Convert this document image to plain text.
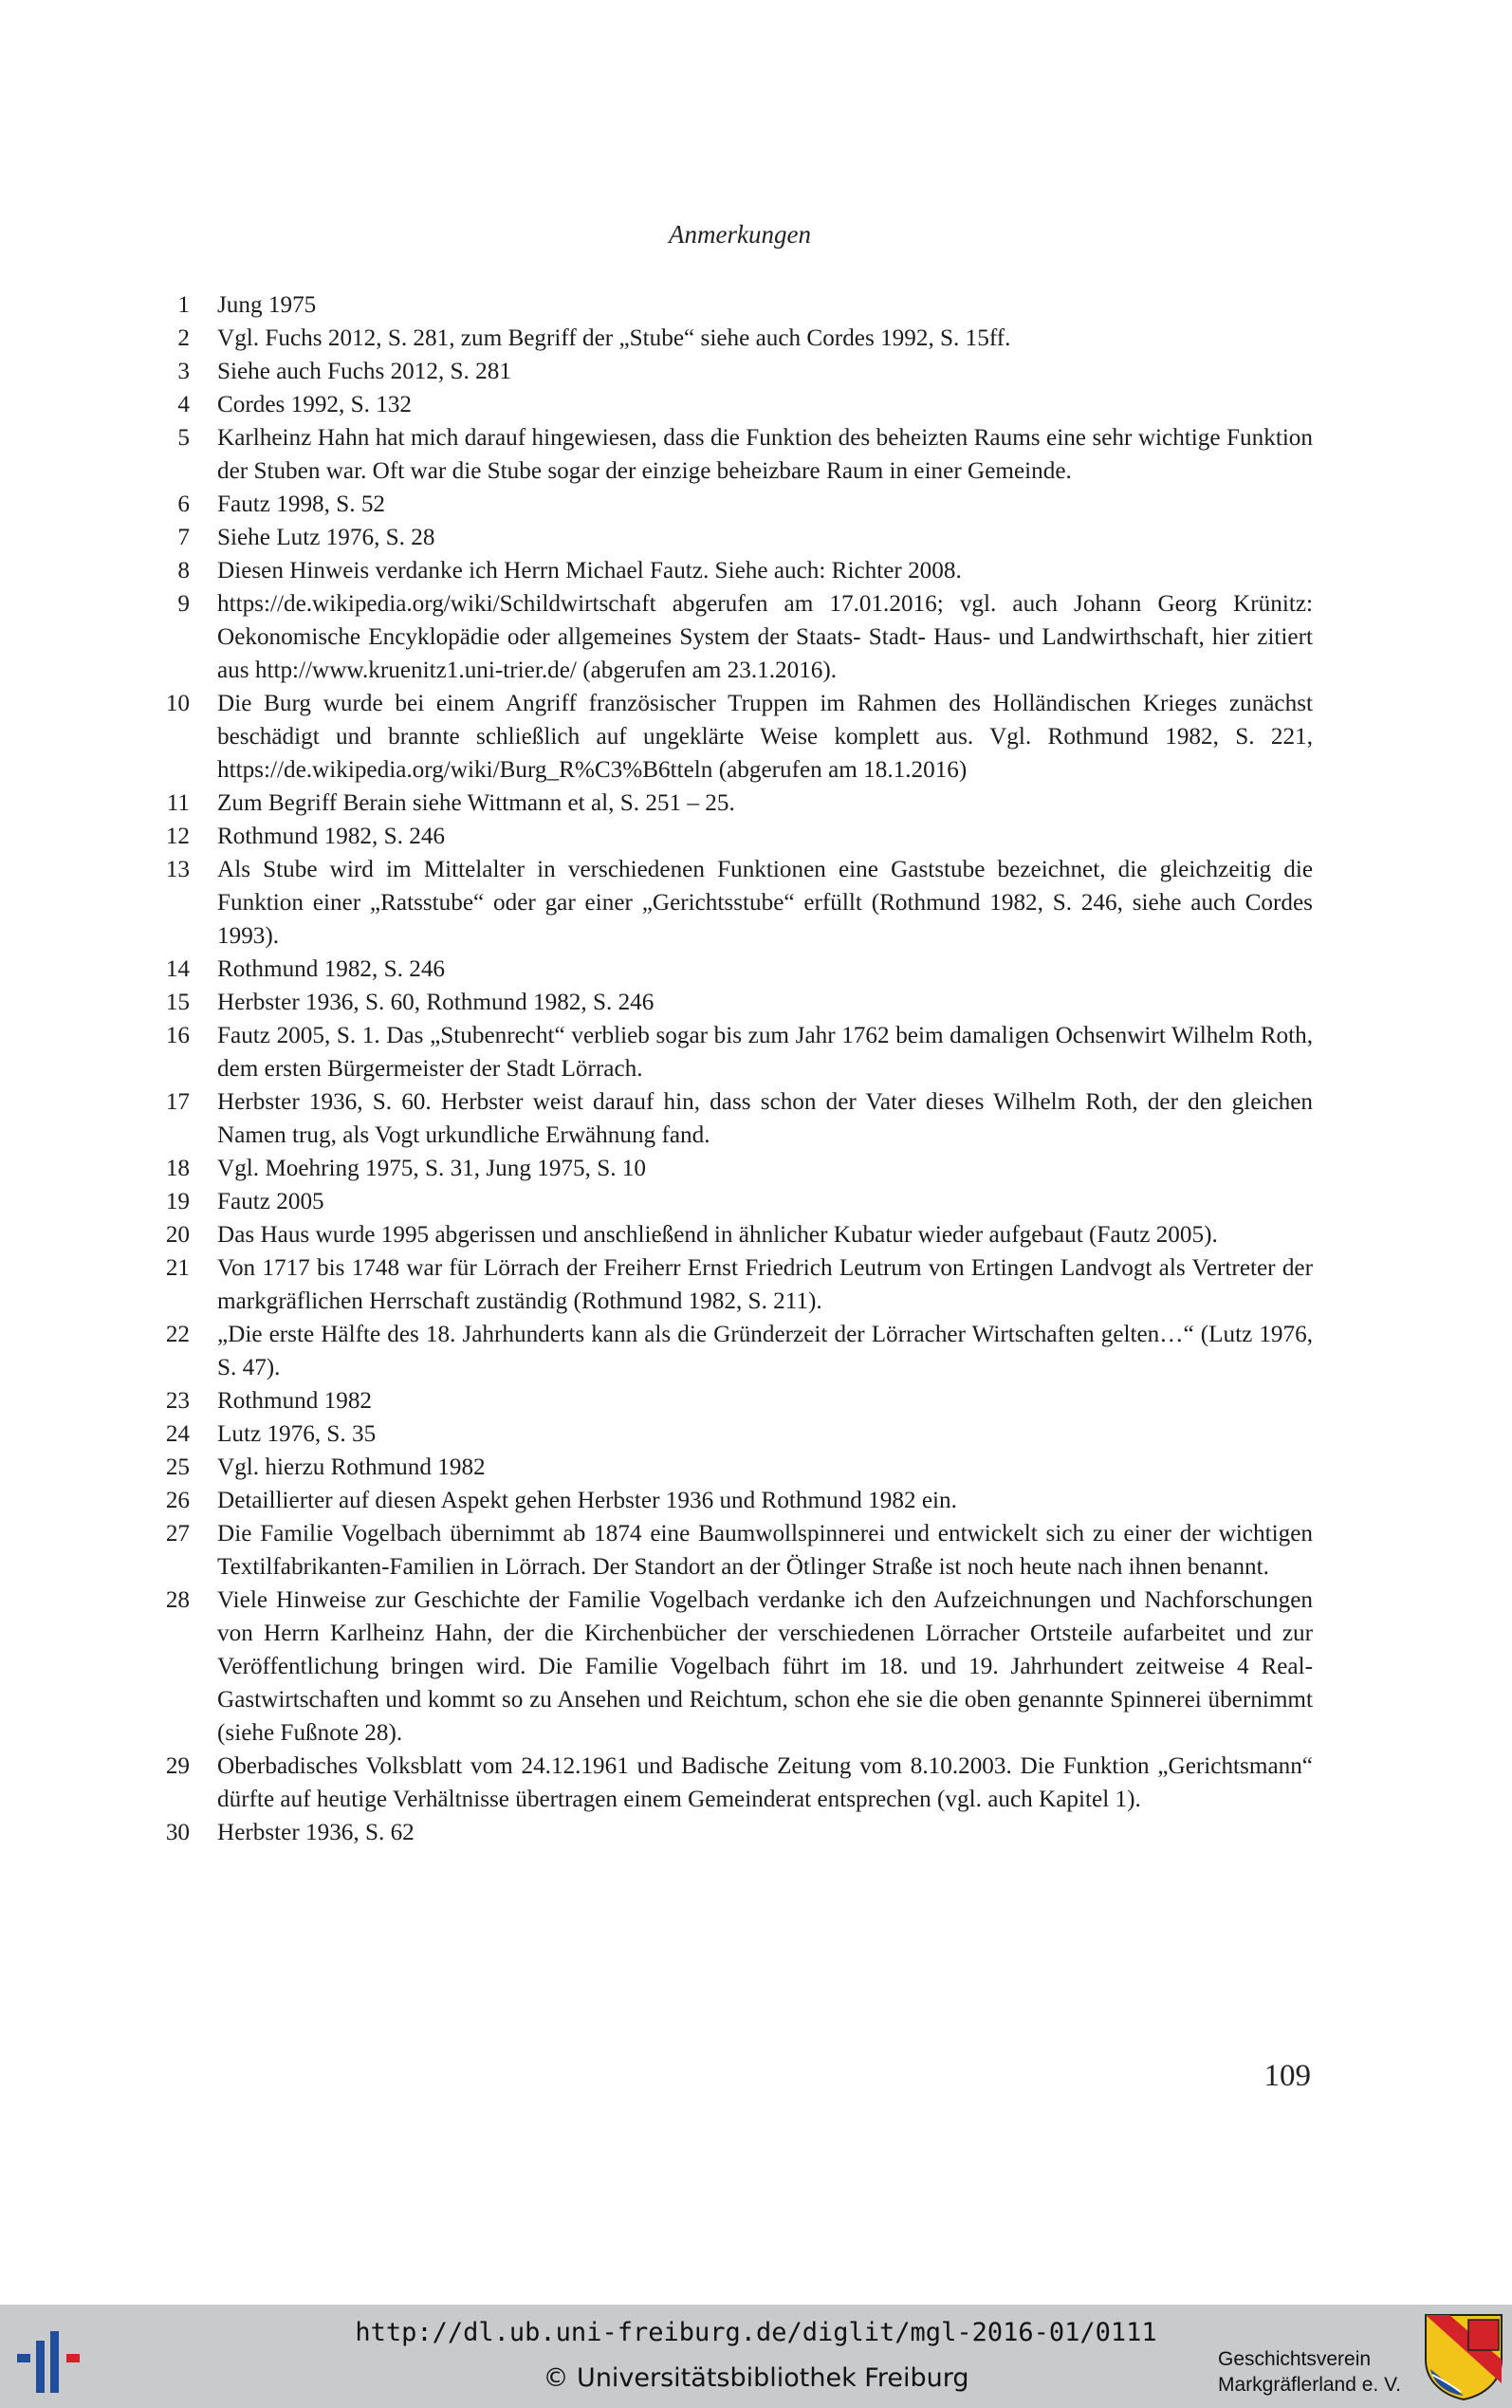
Anmerkungen
1 Jung 1975
2 Vgl. Fuchs 2012, S. 281, zum Begriff der „Stube“ siehe auch Cordes 1992, S. 15ff.
3 Siehe auch Fuchs 2012, S. 281
4 Cordes 1992, S. 132
5 Karlheinz Hahn hat mich darauf hingewiesen, dass die Funktion des beheizten Raums eine sehr wichtige Funktion der Stuben war. Oft war die Stube sogar der einzige beheizbare Raum in einer Gemeinde.
6 Fautz 1998, S. 52
7 Siehe Lutz 1976, S. 28
8 Diesen Hinweis verdanke ich Herrn Michael Fautz. Siehe auch: Richter 2008.
9 https://de.wikipedia.org/wiki/Schildwirtschaft abgerufen am 17.01.2016; vgl. auch Johann Georg Krünitz: Oekonomische Encyklopädie oder allgemeines System der Staats- Stadt- Haus- und Landwirthschaft, hier zitiert aus http://www.kruenitz1.uni-trier.de/ (abgerufen am 23.1.2016).
10 Die Burg wurde bei einem Angriff französischer Truppen im Rahmen des Holländischen Krieges zunächst beschädigt und brannte schließlich auf ungeklärte Weise komplett aus. Vgl. Rothmund 1982, S. 221, https://de.wikipedia.org/wiki/Burg_R%C3%B6tteln (abgerufen am 18.1.2016)
11 Zum Begriff Berain siehe Wittmann et al, S. 251 – 25.
12 Rothmund 1982, S. 246
13 Als Stube wird im Mittelalter in verschiedenen Funktionen eine Gaststube bezeichnet, die gleichzeitig die Funktion einer „Ratsstube“ oder gar einer „Gerichtsstube“ erfüllt (Rothmund 1982, S. 246, siehe auch Cordes 1993).
14 Rothmund 1982, S. 246
15 Herbster 1936, S. 60, Rothmund 1982, S. 246
16 Fautz 2005, S. 1. Das „Stubenrecht“ verblieb sogar bis zum Jahr 1762 beim damaligen Ochsenwirt Wilhelm Roth, dem ersten Bürgermeister der Stadt Lörrach.
17 Herbster 1936, S. 60. Herbster weist darauf hin, dass schon der Vater dieses Wilhelm Roth, der den gleichen Namen trug, als Vogt urkundliche Erwähnung fand.
18 Vgl. Moehring 1975, S. 31, Jung 1975, S. 10
19 Fautz 2005
20 Das Haus wurde 1995 abgerissen und anschließend in ähnlicher Kubatur wieder aufgebaut (Fautz 2005).
21 Von 1717 bis 1748 war für Lörrach der Freiherr Ernst Friedrich Leutrum von Ertingen Landvogt als Vertreter der markgräflichen Herrschaft zuständig (Rothmund 1982, S. 211).
22 „Die erste Hälfte des 18. Jahrhunderts kann als die Gründerzeit der Lörracher Wirtschaften gelten…“ (Lutz 1976, S. 47).
23 Rothmund 1982
24 Lutz 1976, S. 35
25 Vgl. hierzu Rothmund 1982
26 Detaillierter auf diesen Aspekt gehen Herbster 1936 und Rothmund 1982 ein.
27 Die Familie Vogelbach übernimmt ab 1874 eine Baumwollspinnerei und entwickelt sich zu einer der wichtigen Textilfabrikanten-Familien in Lörrach. Der Standort an der Ötlinger Straße ist noch heute nach ihnen benannt.
28 Viele Hinweise zur Geschichte der Familie Vogelbach verdanke ich den Aufzeichnungen und Nachforschungen von Herrn Karlheinz Hahn, der die Kirchenbücher der verschiedenen Lörracher Ortsteile aufarbeitet und zur Veröffentlichung bringen wird. Die Familie Vogelbach führt im 18. und 19. Jahrhundert zeitweise 4 Real-Gastwirtschaften und kommt so zu Ansehen und Reichtum, schon ehe sie die oben genannte Spinnerei übernimmt (siehe Fußnote 28).
29 Oberbadisches Volksblatt vom 24.12.1961 und Badische Zeitung vom 8.10.2003. Die Funktion „Gerichtsmann“ dürfte auf heutige Verhältnisse übertragen einem Gemeinderat entsprechen (vgl. auch Kapitel 1).
30 Herbster 1936, S. 62
109
http://dl.ub.uni-freiburg.de/diglit/mgl-2016-01/0111
© Universitätsbibliothek Freiburg
Geschichtsverein
Markgräflerland e. V.
